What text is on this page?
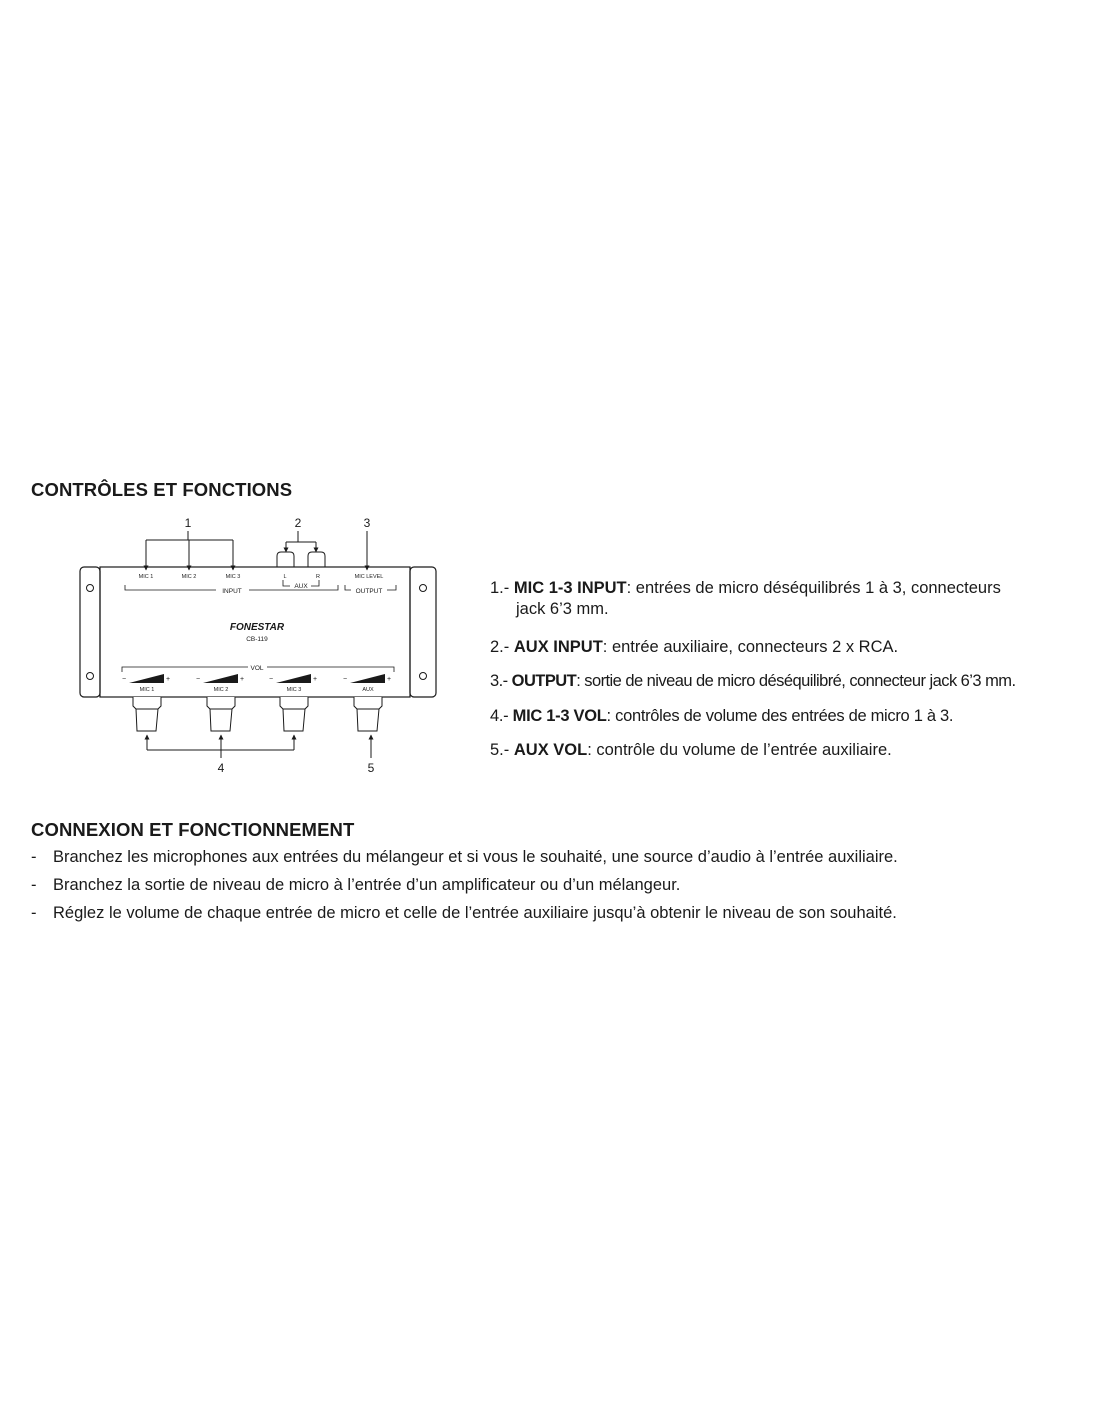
CONTRÔLES ET FONCTIONS
1	2	3
4	5
MIC 1	MIC 2	MIC 3	L	R	MIC LEVEL
INPUT
AUX
OUTPUT
FONESTAR
CB-119
VOL
−	+	−	+	−	+	−	+
MIC 1	MIC 2	MIC 3	AUX
1.- MIC 1-3 INPUT: entrées de micro déséquilibrés 1 à 3, connecteurs
jack 6’3 mm.
2.- AUX INPUT: entrée auxiliaire, connecteurs 2 x RCA.
3.- OUTPUT: sortie de niveau de micro déséquilibré, connecteur jack 6’3 mm.
4.- MIC 1-3 VOL: contrôles de volume des entrées de micro 1 à 3.
5.- AUX VOL: contrôle du volume de l’entrée auxiliaire.
CONNEXION ET FONCTIONNEMENT
- Branchez les microphones aux entrées du mélangeur et si vous le souhaité, une source d’audio à l’entrée auxiliaire.
- Branchez la sortie de niveau de micro à l’entrée d’un amplificateur ou d’un mélangeur.
- Réglez le volume de chaque entrée de micro et celle de l’entrée auxiliaire jusqu’à obtenir le niveau de son souhaité.
